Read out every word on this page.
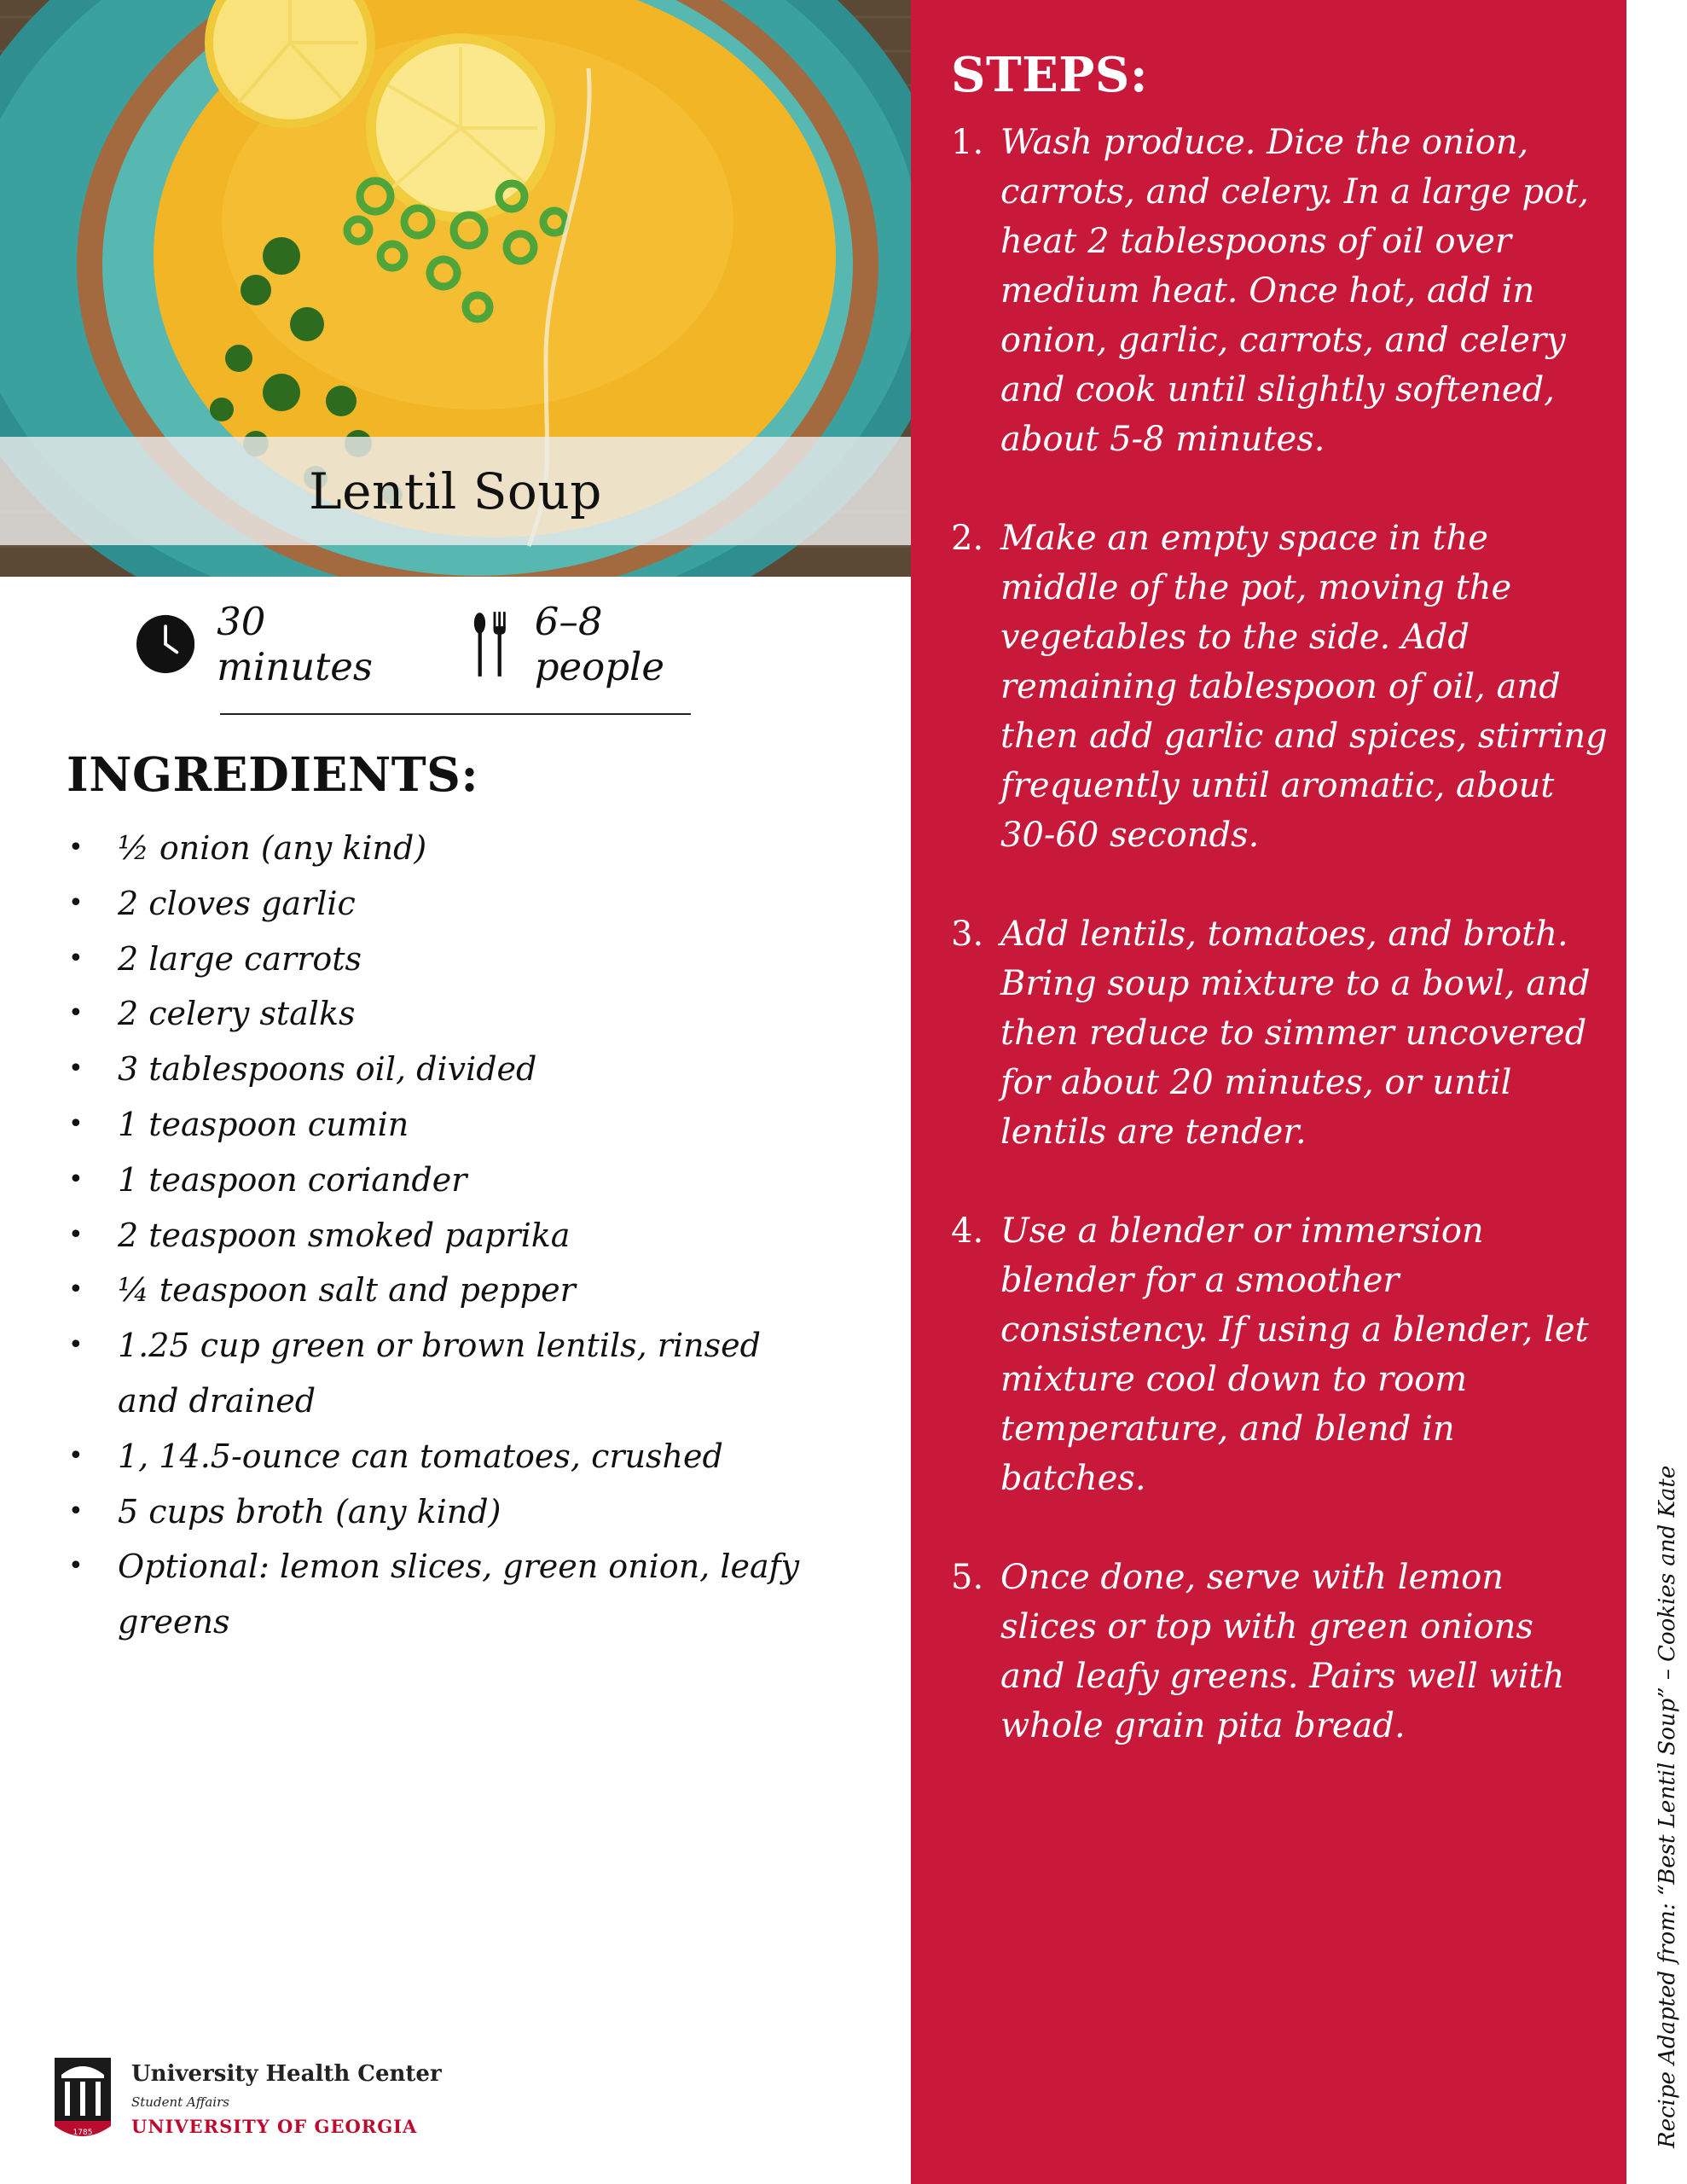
Lentil Soup
30 minutes
6–8 people
INGREDIENTS:
• ½ onion (any kind)
• 2 cloves garlic
• 2 large carrots
• 2 celery stalks
• 3 tablespoons oil, divided
• 1 teaspoon cumin
• 1 teaspoon coriander
• 2 teaspoon smoked paprika
• ¼ teaspoon salt and pepper
• 1.25 cup green or brown lentils, rinsed and drained
• 1, 14.5-ounce can tomatoes, crushed
• 5 cups broth (any kind)
• Optional: lemon slices, green onion, leafy greens
1785
University Health Center
Student Affairs
UNIVERSITY OF GEORGIA
STEPS:
1. Wash produce. Dice the onion, carrots, and celery. In a large pot, heat 2 tablespoons of oil over medium heat. Once hot, add in onion, garlic, carrots, and celery and cook until slightly softened, about 5-8 minutes.
2. Make an empty space in the middle of the pot, moving the vegetables to the side. Add remaining tablespoon of oil, and then add garlic and spices, stirring frequently until aromatic, about 30-60 seconds.
3. Add lentils, tomatoes, and broth. Bring soup mixture to a bowl, and then reduce to simmer uncovered for about 20 minutes, or until lentils are tender.
4. Use a blender or immersion blender for a smoother consistency. If using a blender, let mixture cool down to room temperature, and blend in batches.
5. Once done, serve with lemon slices or top with green onions and leafy greens. Pairs well with whole grain pita bread.	Recipe Adapted from: “Best Lentil Soup” – Cookies and Kate
